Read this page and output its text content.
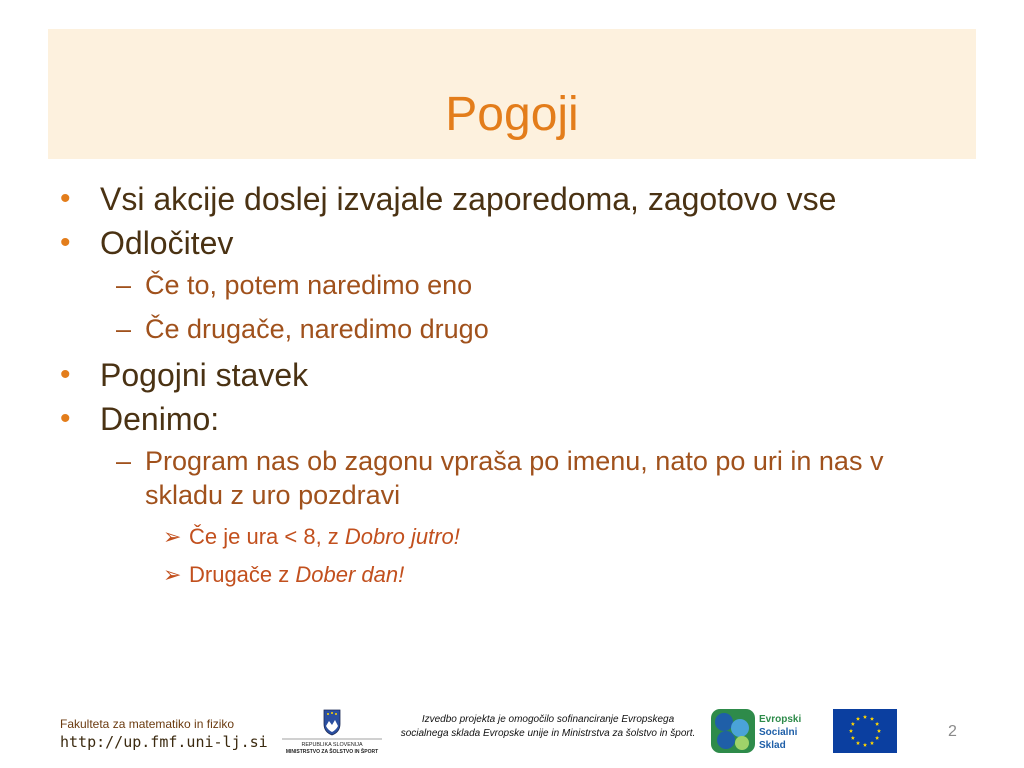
Pogoji
• Vsi akcije doslej izvajale zaporedoma, zagotovo vse
• Odločitev
– Če to, potem naredimo eno
– Če drugače, naredimo drugo
• Pogojni stavek
• Denimo:
– Program nas ob zagonu vpraša po imenu, nato po uri in nas v skladu z uro pozdravi
➢ Če je ura < 8, z Dobro jutro!
➢ Drugače z Dober dan!
Fakulteta za matematiko in fiziko
http://up.fmf.uni-lj.si	REPUBLIKA SLOVENIJA
MINISTRSTVO ZA ŠOLSTVO IN ŠPORT
Izvedbo projekta je omogočilo sofinanciranje Evropskega socialnega sklada Evropske unije in Ministrstva za šolstvo in šport.
Evropski
Socialni
Sklad
2
